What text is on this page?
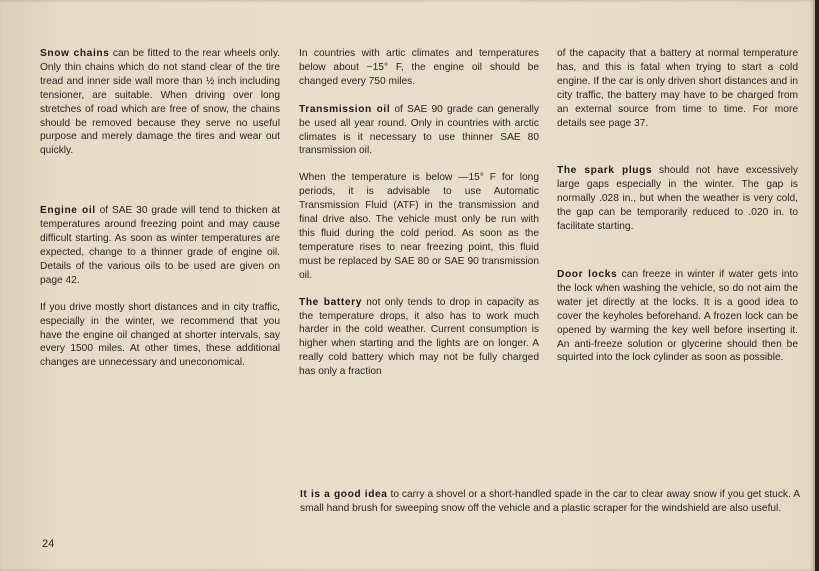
Snow chains can be fitted to the rear wheels only. Only thin chains which do not stand clear of the tire tread and inner side wall more than ½ inch including tensioner, are suitable. When driving over long stretches of road which are free of snow, the chains should be removed because they serve no useful purpose and merely damage the tires and wear out quickly.

Engine oil of SAE 30 grade will tend to thicken at temperatures around freezing point and may cause difficult starting. As soon as winter temperatures are expected, change to a thinner grade of engine oil. Details of the various oils to be used are given on page 42.

If you drive mostly short distances and in city traffic, especially in the winter, we recommend that you have the engine oil changed at shorter intervals, say every 1500 miles. At other times, these additional changes are unnecessary and uneconomical.

In countries with artic climates and temperatures below about −15° F, the engine oil should be changed every 750 miles.

Transmission oil of SAE 90 grade can generally be used all year round. Only in countries with arctic climates is it necessary to use thinner SAE 80 transmission oil.

When the temperature is below —15° F for long periods, it is advisable to use Automatic Transmission Fluid (ATF) in the transmission and final drive also. The vehicle must only be run with this fluid during the cold period. As soon as the temperature rises to near freezing point, this fluid must be replaced by SAE 80 or SAE 90 transmission oil.

The battery not only tends to drop in capacity as the temperature drops, it also has to work much harder in the cold weather. Current consumption is higher when starting and the lights are on longer. A really cold battery which may not be fully charged has only a fraction

of the capacity that a battery at normal temperature has, and this is fatal when trying to start a cold engine. If the car is only driven short distances and in city traffic, the battery may have to be charged from an external source from time to time. For more details see page 37.

The spark plugs should not have excessively large gaps especially in the winter. The gap is normally .028 in., but when the weather is very cold, the gap can be temporarily reduced to .020 in. to facilitate starting.

Door locks can freeze in winter if water gets into the lock when washing the vehicle, so do not aim the water jet directly at the locks. It is a good idea to cover the keyholes beforehand. A frozen lock can be opened by warming the key well before inserting it. An anti-freeze solution or glycerine should then be squirted into the lock cylinder as soon as possible.

It is a good idea to carry a shovel or a short-handled spade in the car to clear away snow if you get stuck. A small hand brush for sweeping snow off the vehicle and a plastic scraper for the windshield are also useful.

24
